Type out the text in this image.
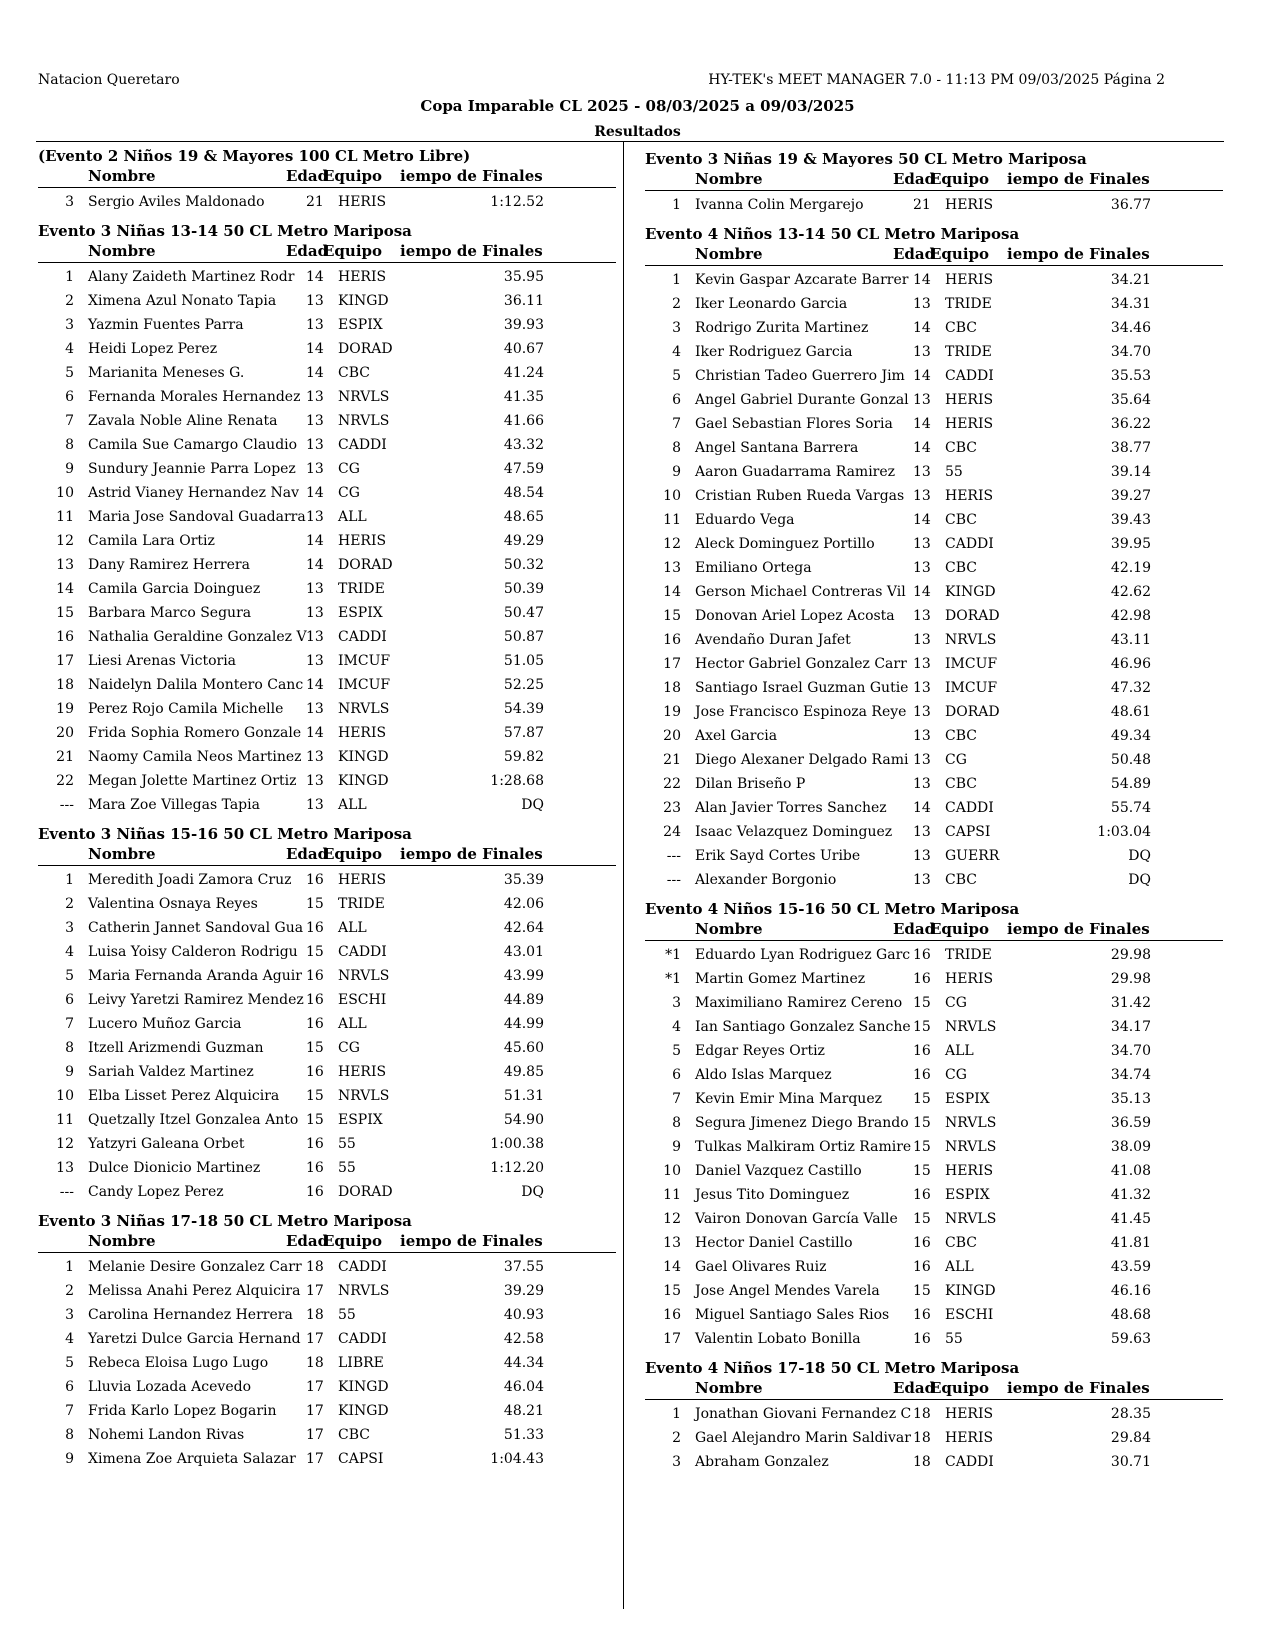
Natacion Queretaro	HY-TEK's MEET MANAGER 7.0 - 11:13 PM 09/03/2025 Página 2
Copa Imparable CL 2025 - 08/03/2025 a 09/03/2025
Resultados
(Evento 2 Niños 19 & Mayores 100 CL Metro Libre)
Nombre	Edad
Equipo iempo de Finales
3 Sergio Aviles Maldonado	21 HERIS	1:12.52
Evento 3 Niñas 13-14 50 CL Metro Mariposa
Nombre	Edad
Equipo iempo de Finales
1 Alany Zaideth Martinez Rodr 14 HERIS	35.95
2 Ximena Azul Nonato Tapia 13 KINGD	36.11
3 Yazmin Fuentes Parra	13 ESPIX	39.93
4 Heidi Lopez Perez	14 DORAD	40.67
5 Marianita Meneses G.	14 CBC	41.24
6 Fernanda Morales Hernandez 13 NRVLS	41.35
7 Zavala Noble Aline Renata 13 NRVLS	41.66
8 Camila Sue Camargo Claudio 13 CADDI	43.32
9 Sundury Jeannie Parra Lopez 13 CG	47.59
10 Astrid Vianey Hernandez Nav 14 CG	48.54
11 Maria Jose Sandoval Guadarra 13 ALL	48.65
12 Camila Lara Ortiz	14 HERIS	49.29
13 Dany Ramirez Herrera	14 DORAD	50.32
14 Camila Garcia Doinguez	13 TRIDE	50.39
15 Barbara Marco Segura	13 ESPIX	50.47
16 Nathalia Geraldine Gonzalez V 13 CADDI	50.87
17 Liesi Arenas Victoria	13 IMCUF	51.05
18 Naidelyn Dalila Montero Canc 14 IMCUF	52.25
19 Perez Rojo Camila Michelle 13 NRVLS	54.39
20 Frida Sophia Romero Gonzale 14 HERIS	57.87
21 Naomy Camila Neos Martinez 13 KINGD	59.82
22 Megan Jolette Martinez Ortiz 13 KINGD	1:28.68
--- Mara Zoe Villegas Tapia	13 ALL	DQ
Evento 3 Niñas 15-16 50 CL Metro Mariposa
Nombre	Edad
Equipo iempo de Finales
1 Meredith Joadi Zamora Cruz 16 HERIS	35.39
2 Valentina Osnaya Reyes	15 TRIDE	42.06
3 Catherin Jannet Sandoval Gua 16 ALL	42.64
4 Luisa Yoisy Calderon Rodrigu 15 CADDI	43.01
5 Maria Fernanda Aranda Aguir 16 NRVLS	43.99
6 Leivy Yaretzi Ramirez Mendez 16 ESCHI	44.89
7 Lucero Muñoz Garcia	16 ALL	44.99
8 Itzell Arizmendi Guzman	15 CG	45.60
9 Sariah Valdez Martinez	16 HERIS	49.85
10 Elba Lisset Perez Alquicira 15 NRVLS	51.31
11 Quetzally Itzel Gonzalea Anto 15 ESPIX	54.90
12 Yatzyri Galeana Orbet	16 55	1:00.38
13 Dulce Dionicio Martinez	16 55	1:12.20
--- Candy Lopez Perez	16 DORAD	DQ
Evento 3 Niñas 17-18 50 CL Metro Mariposa
Nombre	Edad
Equipo iempo de Finales
1 Melanie Desire Gonzalez Carr 18 CADDI	37.55
2 Melissa Anahi Perez Alquicira 17 NRVLS	39.29
3 Carolina Hernandez Herrera 18 55	40.93
4 Yaretzi Dulce Garcia Hernand 17 CADDI	42.58
5 Rebeca Eloisa Lugo Lugo	18 LIBRE	44.34
6 Lluvia Lozada Acevedo	17 KINGD	46.04
7 Frida Karlo Lopez Bogarin 17 KINGD	48.21
8 Nohemi Landon Rivas	17 CBC	51.33
9 Ximena Zoe Arquieta Salazar 17 CAPSI	1:04.43
Evento 3 Niñas 19 & Mayores 50 CL Metro Mariposa
Nombre	Edad
Equipo iempo de Finales
1 Ivanna Colin Mergarejo	21 HERIS	36.77
Evento 4 Niños 13-14 50 CL Metro Mariposa
Nombre	Edad
Equipo iempo de Finales
1 Kevin Gaspar Azcarate Barrer 14 HERIS	34.21
2 Iker Leonardo Garcia	13 TRIDE	34.31
3 Rodrigo Zurita Martinez	14 CBC	34.46
4 Iker Rodriguez Garcia	13 TRIDE	34.70
5 Christian Tadeo Guerrero Jim 14 CADDI	35.53
6 Angel Gabriel Durante Gonzal 13 HERIS	35.64
7 Gael Sebastian Flores Soria 14 HERIS	36.22
8 Angel Santana Barrera	14 CBC	38.77
9 Aaron Guadarrama Ramirez 13 55	39.14
10 Cristian Ruben Rueda Vargas 13 HERIS	39.27
11 Eduardo Vega	14 CBC	39.43
12 Aleck Dominguez Portillo	13 CADDI	39.95
13 Emiliano Ortega	13 CBC	42.19
14 Gerson Michael Contreras Vil 14 KINGD	42.62
15 Donovan Ariel Lopez Acosta 13 DORAD	42.98
16 Avendaño Duran Jafet	13 NRVLS	43.11
17 Hector Gabriel Gonzalez Carr 13 IMCUF	46.96
18 Santiago Israel Guzman Gutie 13 IMCUF	47.32
19 Jose Francisco Espinoza Reye 13 DORAD	48.61
20 Axel Garcia	13 CBC	49.34
21 Diego Alexaner Delgado Rami 13 CG	50.48
22 Dilan Briseño P	13 CBC	54.89
23 Alan Javier Torres Sanchez 14 CADDI	55.74
24 Isaac Velazquez Dominguez 13 CAPSI	1:03.04
--- Erik Sayd Cortes Uribe	13 GUERR	DQ
--- Alexander Borgonio	13 CBC	DQ
Evento 4 Niños 15-16 50 CL Metro Mariposa
Nombre	Edad
Equipo iempo de Finales
*1 Eduardo Lyan Rodriguez Garc 16 TRIDE	29.98
*1 Martin Gomez Martinez	16 HERIS	29.98
3 Maximiliano Ramirez Cereno 15 CG	31.42
4 Ian Santiago Gonzalez Sanche 15 NRVLS	34.17
5 Edgar Reyes Ortiz	16 ALL	34.70
6 Aldo Islas Marquez	16 CG	34.74
7 Kevin Emir Mina Marquez	15 ESPIX	35.13
8 Segura Jimenez Diego Brando 15 NRVLS	36.59
9 Tulkas Malkiram Ortiz Ramire 15 NRVLS	38.09
10 Daniel Vazquez Castillo	15 HERIS	41.08
11 Jesus Tito Dominguez	16 ESPIX	41.32
12 Vairon Donovan García Valle 15 NRVLS	41.45
13 Hector Daniel Castillo	16 CBC	41.81
14 Gael Olivares Ruiz	16 ALL	43.59
15 Jose Angel Mendes Varela	15 KINGD	46.16
16 Miguel Santiago Sales Rios 16 ESCHI	48.68
17 Valentin Lobato Bonilla	16 55	59.63
Evento 4 Niños 17-18 50 CL Metro Mariposa
Nombre	Edad
Equipo iempo de Finales
1 Jonathan Giovani Fernandez C 18 HERIS	28.35
2 Gael Alejandro Marin Saldivar 18 HERIS	29.84
3 Abraham Gonzalez	18 CADDI	30.71
